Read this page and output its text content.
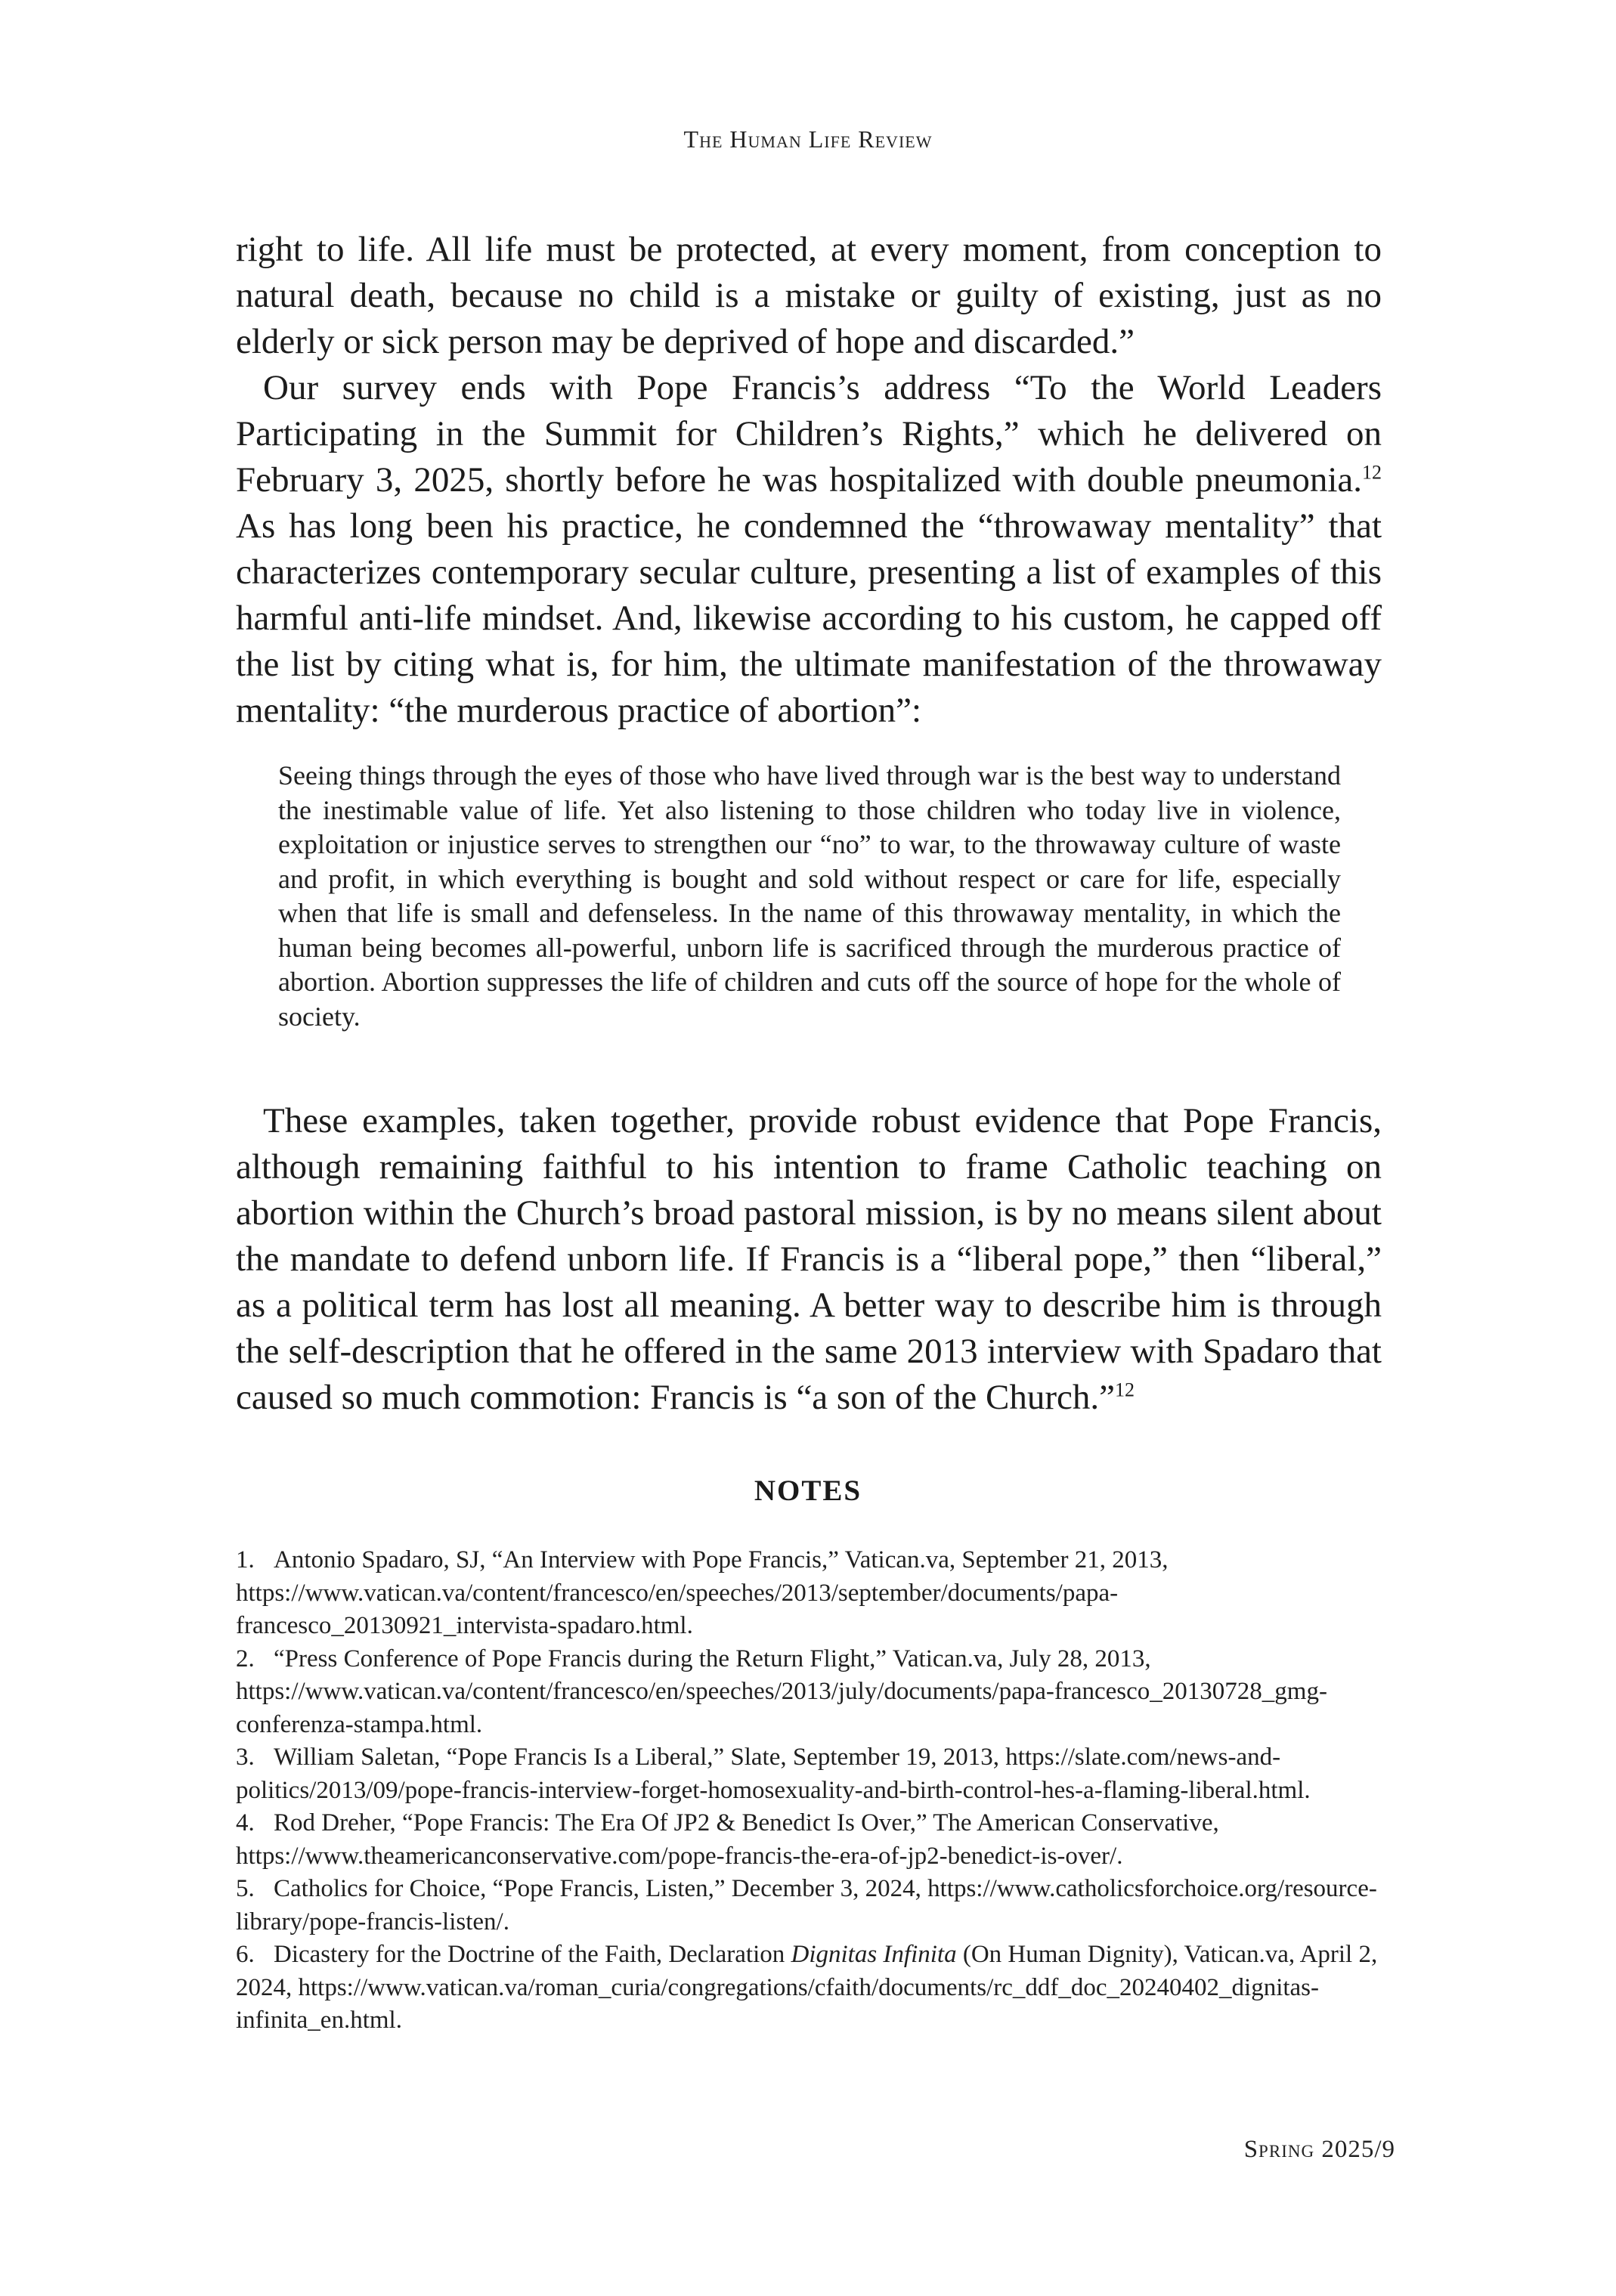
The Human Life Review

right to life. All life must be protected, at every moment, from conception to natural death, because no child is a mistake or guilty of existing, just as no elderly or sick person may be deprived of hope and discarded.”

Our survey ends with Pope Francis’s address “To the World Leaders Participating in the Summit for Children’s Rights,” which he delivered on February 3, 2025, shortly before he was hospitalized with double pneumonia.$^{12}$ As has long been his practice, he condemned the “throwaway mentality” that characterizes contemporary secular culture, presenting a list of examples of this harmful anti-life mindset. And, likewise according to his custom, he capped off the list by citing what is, for him, the ultimate manifestation of the throwaway mentality: “the murderous practice of abortion”:

Seeing things through the eyes of those who have lived through war is the best way to understand the inestimable value of life. Yet also listening to those children who today live in violence, exploitation or injustice serves to strengthen our “no” to war, to the throwaway culture of waste and profit, in which everything is bought and sold without respect or care for life, especially when that life is small and defenseless. In the name of this throwaway mentality, in which the human being becomes all-powerful, unborn life is sacrificed through the murderous practice of abortion. Abortion suppresses the life of children and cuts off the source of hope for the whole of society.

These examples, taken together, provide robust evidence that Pope Francis, although remaining faithful to his intention to frame Catholic teaching on abortion within the Church’s broad pastoral mission, is by no means silent about the mandate to defend unborn life. If Francis is a “liberal pope,” then “liberal,” as a political term has lost all meaning. A better way to describe him is through the self-description that he offered in the same 2013 interview with Spadaro that caused so much commotion: Francis is “a son of the Church.”$^{12}$

NOTES

1. Antonio Spadaro, SJ, “An Interview with Pope Francis,” Vatican.va, September 21, 2013, https://www.vatican.va/content/francesco/en/speeches/2013/september/documents/papa-francesco_20130921_intervista-spadaro.html.

2. “Press Conference of Pope Francis during the Return Flight,” Vatican.va, July 28, 2013, https://www.vatican.va/content/francesco/en/speeches/2013/july/documents/papa-francesco_20130728_gmg-conferenza-stampa.html.

3. William Saletan, “Pope Francis Is a Liberal,” Slate, September 19, 2013, https://slate.com/news-and-politics/2013/09/pope-francis-interview-forget-homosexuality-and-birth-control-hes-a-flaming-liberal.html.

4. Rod Dreher, “Pope Francis: The Era Of JP2 & Benedict Is Over,” The American Conservative, https://www.theamericanconservative.com/pope-francis-the-era-of-jp2-benedict-is-over/.

5. Catholics for Choice, “Pope Francis, Listen,” December 3, 2024, https://www.catholicsforchoice.org/resource-library/pope-francis-listen/.

6. Dicastery for the Doctrine of the Faith, Declaration Dignitas Infinita (On Human Dignity), Vatican.va, April 2, 2024, https://www.vatican.va/roman_curia/congregations/cfaith/documents/rc_ddf_doc_20240402_dignitas-infinita_en.html.

Spring 2025/9
